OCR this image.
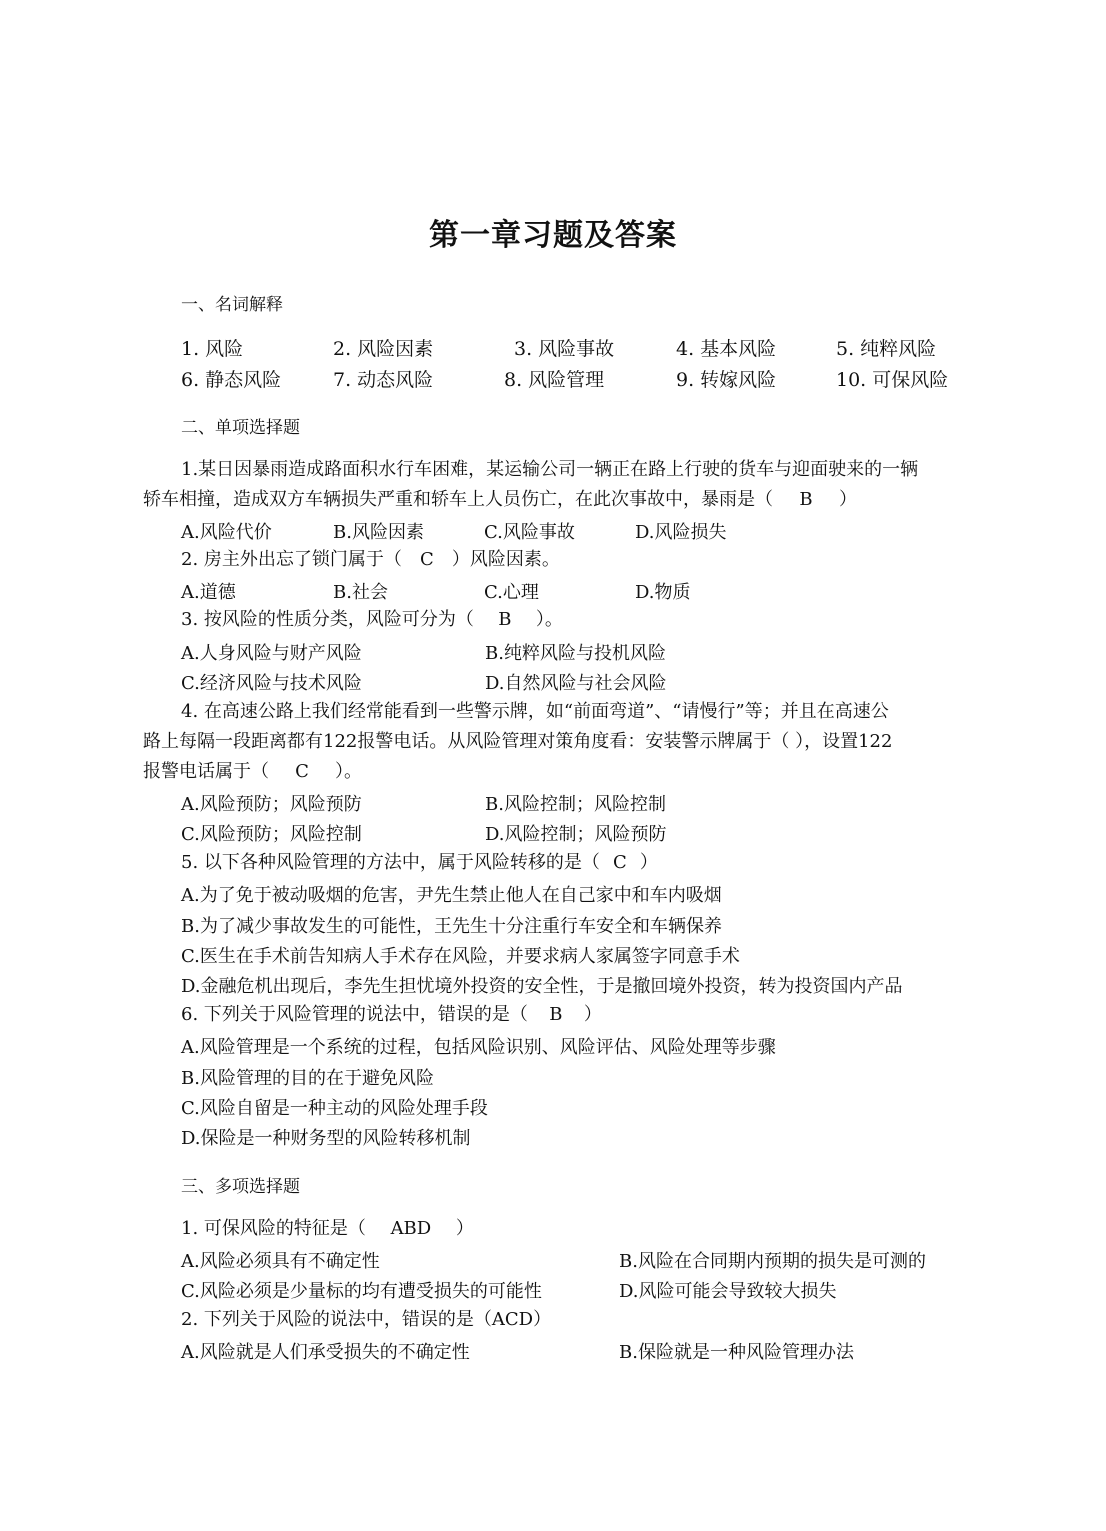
第一章习题及答案
一、名词解释
1. 风险	2. 风险因素	3. 风险事故	4. 基本风险	5. 纯粹风险
6. 静态风险	7. 动态风险	8. 风险管理	9. 转嫁风险	10. 可保风险
二、单项选择题
1.某日因暴雨造成路面积水行车困难，某运输公司一辆正在路上行驶的货车与迎面驶来的一辆
轿车相撞，造成双方车辆损失严重和轿车上人员伤亡，在此次事故中，暴雨是（ B ）
A.风险代价	B.风险因素	C.风险事故	D.风险损失
2. 房主外出忘了锁门属于（ C ）风险因素。
A.道德	B.社会	C.心理	D.物质
3. 按风险的性质分类，风险可分为（ B ）。
A.人身风险与财产风险	B.纯粹风险与投机风险
C.经济风险与技术风险	D.自然风险与社会风险
4. 在高速公路上我们经常能看到一些警示牌，如“前面弯道”、“请慢行”等；并且在高速公
路上每隔一段距离都有122报警电话。从风险管理对策角度看：安装警示牌属于（ ），设置122
报警电话属于（ C ）。
A.风险预防；风险预防	B.风险控制；风险控制
C.风险预防；风险控制	D.风险控制；风险预防
5. 以下各种风险管理的方法中，属于风险转移的是（ C ）
A.为了免于被动吸烟的危害，尹先生禁止他人在自己家中和车内吸烟
B.为了减少事故发生的可能性，王先生十分注重行车安全和车辆保养
C.医生在手术前告知病人手术存在风险，并要求病人家属签字同意手术
D.金融危机出现后，李先生担忧境外投资的安全性，于是撤回境外投资，转为投资国内产品
6. 下列关于风险管理的说法中，错误的是（ B ）
A.风险管理是一个系统的过程，包括风险识别、风险评估、风险处理等步骤
B.风险管理的目的在于避免风险
C.风险自留是一种主动的风险处理手段
D.保险是一种财务型的风险转移机制
三、多项选择题
1. 可保风险的特征是（ ABD ）
A.风险必须具有不确定性	B.风险在合同期内预期的损失是可测的
C.风险必须是少量标的均有遭受损失的可能性	D.风险可能会导致较大损失
2. 下列关于风险的说法中，错误的是（ACD）
A.风险就是人们承受损失的不确定性	B.保险就是一种风险管理办法
